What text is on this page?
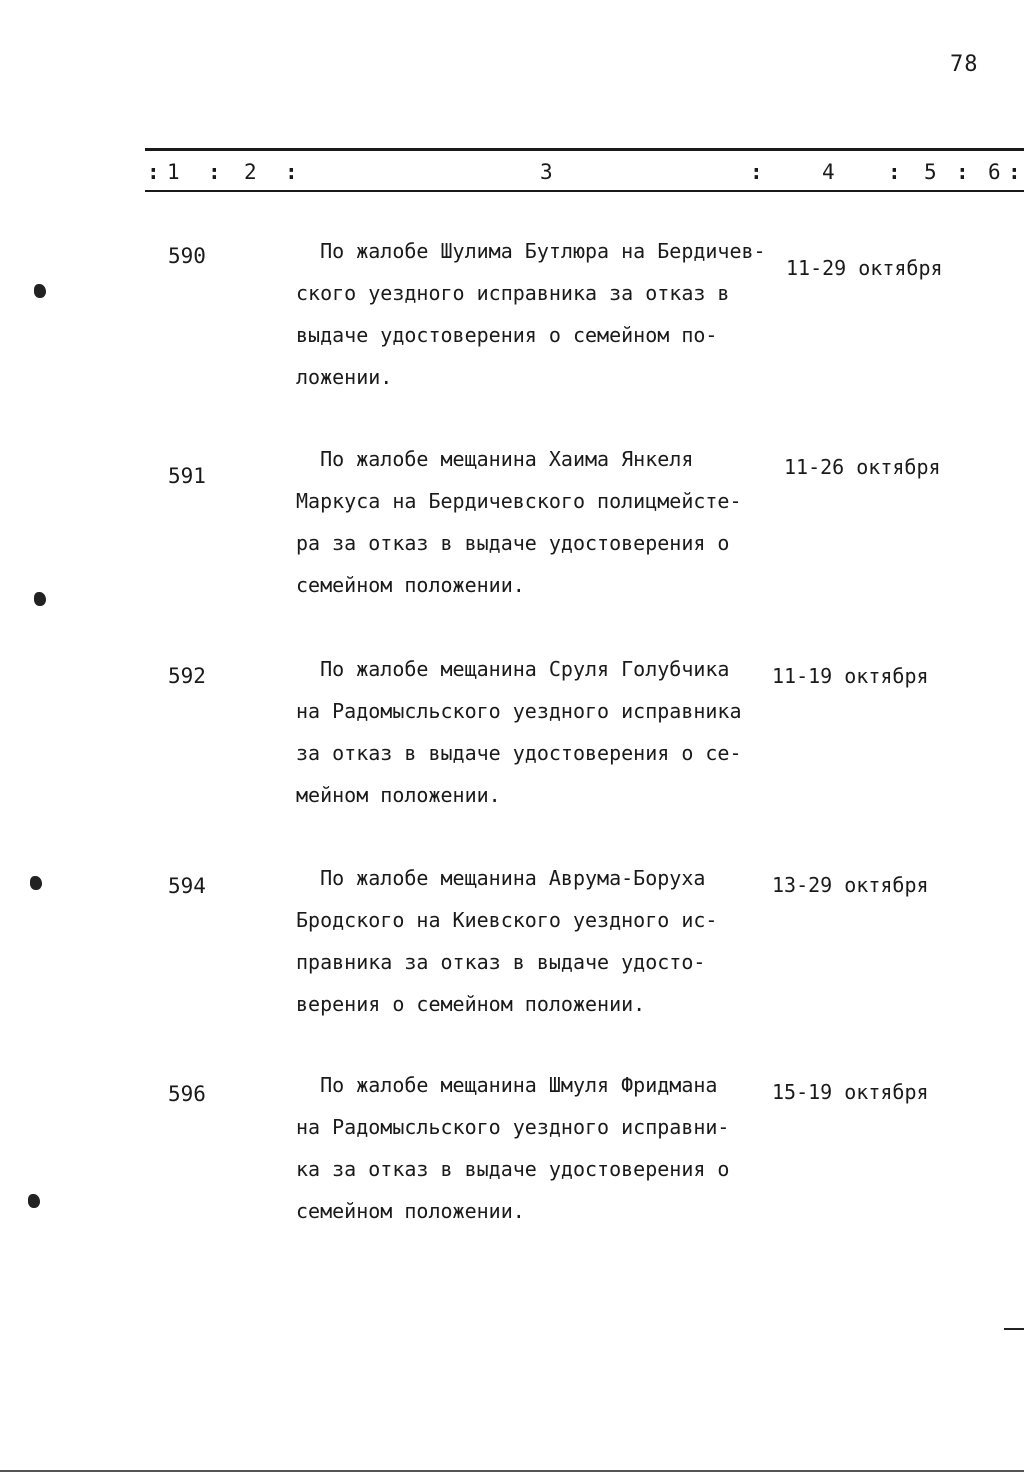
78
: 1 : 2 :	3	:	4	: 5 : 6 :
590	По жалобе Шулима Бутлюра на Бердичев-
ского уездного исправника за отказ в
выдаче удостоверения о семейном по-
ложении.
11-29 октября
591
По жалобе мещанина Хаима Янкеля
Маркуса на Бердичевского полицмейсте-
ра за отказ в выдаче удостоверения о
семейном положении.
11-26 октября
592	По жалобе мещанина Сруля Голубчика
на Радомысльского уездного исправника
за отказ в выдаче удостоверения о се-
мейном положении.
11-19 октября
594	По жалобе мещанина Аврума-Боруха
Бродского на Киевского уездного ис-
правника за отказ в выдаче удосто-
верения о семейном положении.
13-29 октября
596	По жалобе мещанина Шмуля Фридмана
на Радомысльского уездного исправни-
ка за отказ в выдаче удостоверения о
семейном положении.
15-19 октября
